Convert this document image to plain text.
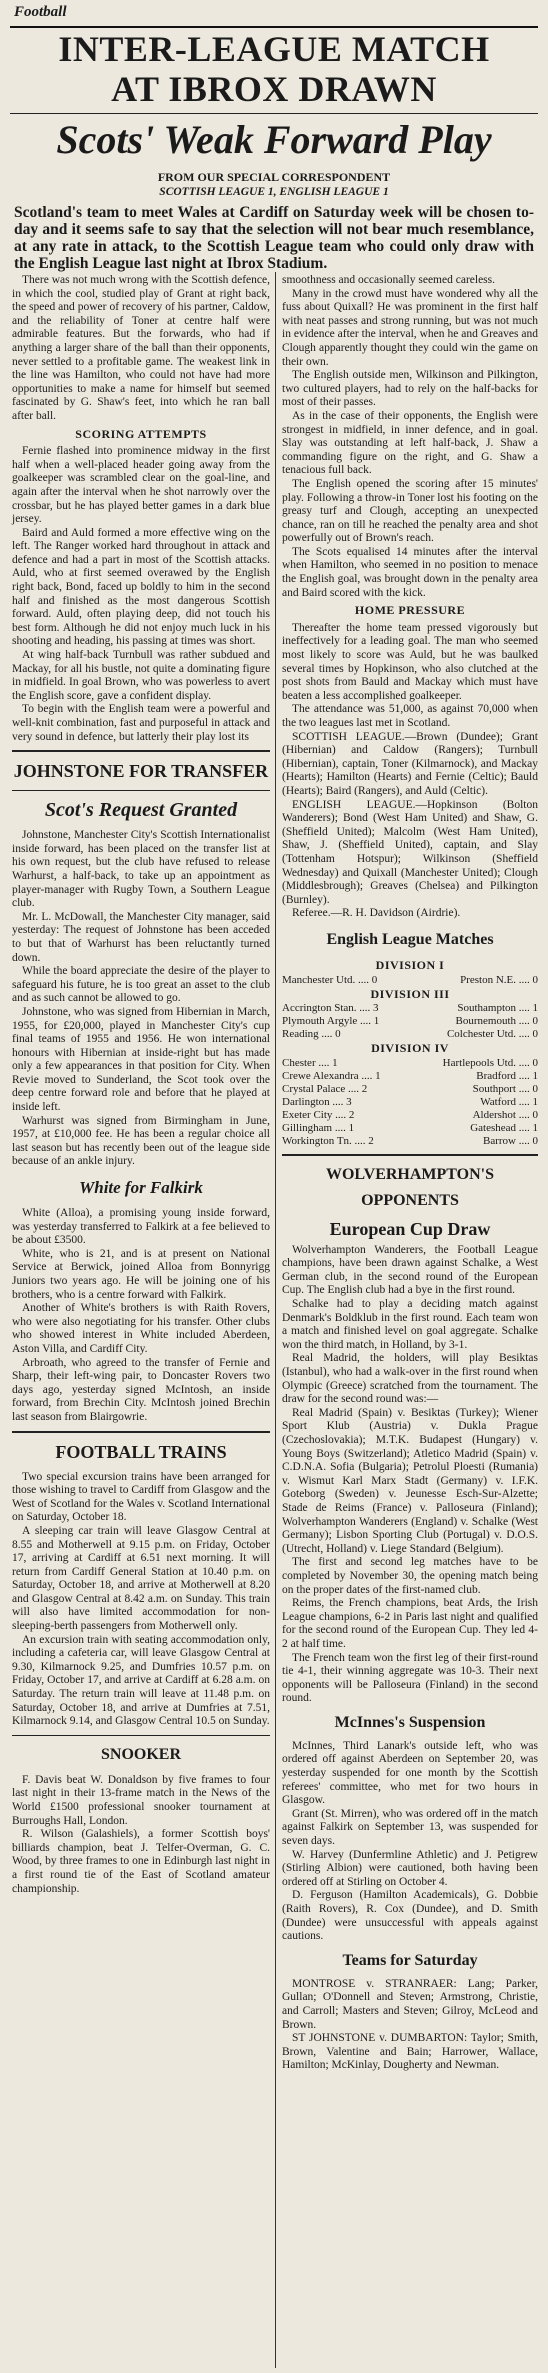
Football
INTER-LEAGUE MATCH
AT IBROX DRAWN
Scots' Weak Forward Play
FROM OUR SPECIAL CORRESPONDENT
SCOTTISH LEAGUE 1, ENGLISH LEAGUE 1
Scotland's team to meet Wales at Cardiff on Saturday week will be chosen to-day and it seems safe to say that the selection will not bear much resemblance, at any rate in attack, to the Scottish League team who could only draw with the English League last night at Ibrox Stadium.

There was not much wrong with the Scottish defence, in which the cool, studied play of Grant at right back, the speed and power of recovery of his partner, Caldow, and the reliability of Toner at centre half were admirable features. But the forwards, who had if anything a larger share of the ball than their opponents, never settled to a profitable game. The weakest link in the line was Hamilton, who could not have had more opportunities to make a name for himself but seemed fascinated by G. Shaw's feet, into which he ran ball after ball.

SCORING ATTEMPTS

Fernie flashed into prominence midway in the first half when a well-placed header going away from the goalkeeper was scrambled clear on the goal-line, and again after the interval when he shot narrowly over the crossbar, but he has played better games in a dark blue jersey.

Baird and Auld formed a more effective wing on the left. The Ranger worked hard throughout in attack and defence and had a part in most of the Scottish attacks. Auld, who at first seemed overawed by the English right back, Bond, faced up boldly to him in the second half and finished as the most dangerous Scottish forward. Auld, often playing deep, did not touch his best form. Although he did not enjoy much luck in his shooting and heading, his passing at times was short.

At wing half-back Turnbull was rather subdued and Mackay, for all his bustle, not quite a dominating figure in midfield. In goal Brown, who was powerless to avert the English score, gave a confident display.

To begin with the English team were a powerful and well-knit combination, fast and purposeful in attack and very sound in defence, but latterly their play lost its

JOHNSTONE FOR TRANSFER
Scot's Request Granted

Johnstone, Manchester City's Scottish Internationalist inside forward, has been placed on the transfer list at his own request, but the club have refused to release Warhurst, a half-back, to take up an appointment as player-manager with Rugby Town, a Southern League club.

Mr. L. McDowall, the Manchester City manager, said yesterday: The request of Johnstone has been acceded to but that of Warhurst has been reluctantly turned down.

While the board appreciate the desire of the player to safeguard his future, he is too great an asset to the club and as such cannot be allowed to go.

Johnstone, who was signed from Hibernian in March, 1955, for £20,000, played in Manchester City's cup final teams of 1955 and 1956. He won international honours with Hibernian at inside-right but has made only a few appearances in that position for City. When Revie moved to Sunderland, the Scot took over the deep centre forward role and before that he played at inside left.

Warhurst was signed from Birmingham in June, 1957, at £10,000 fee. He has been a regular choice all last season but has recently been out of the league side because of an ankle injury.

White for Falkirk

White (Alloa), a promising young inside forward, was yesterday transferred to Falkirk at a fee believed to be about £3500.

White, who is 21, and is at present on National Service at Berwick, joined Alloa from Bonnyrigg Juniors two years ago. He will be joining one of his brothers, who is a centre forward with Falkirk.

Another of White's brothers is with Raith Rovers, who were also negotiating for his transfer. Other clubs who showed interest in White included Aberdeen, Aston Villa, and Cardiff City.

Arbroath, who agreed to the transfer of Fernie and Sharp, their left-wing pair, to Doncaster Rovers two days ago, yesterday signed McIntosh, an inside forward, from Brechin City. McIntosh joined Brechin last season from Blairgowrie.

FOOTBALL TRAINS

Two special excursion trains have been arranged for those wishing to travel to Cardiff from Glasgow and the West of Scotland for the Wales v. Scotland International on Saturday, October 18.

A sleeping car train will leave Glasgow Central at 8.55 and Motherwell at 9.15 p.m. on Friday, October 17, arriving at Cardiff at 6.51 next morning. It will return from Cardiff General Station at 10.40 p.m. on Saturday, October 18, and arrive at Motherwell at 8.20 and Glasgow Central at 8.42 a.m. on Sunday. This train will also have limited accommodation for non-sleeping-berth passengers from Motherwell only.

An excursion train with seating accommodation only, including a cafeteria car, will leave Glasgow Central at 9.30, Kilmarnock 9.25, and Dumfries 10.57 p.m. on Friday, October 17, and arrive at Cardiff at 6.28 a.m. on Saturday. The return train will leave at 11.48 p.m. on Saturday, October 18, and arrive at Dumfries at 7.51, Kilmarnock 9.14, and Glasgow Central 10.5 on Sunday.

SNOOKER

F. Davis beat W. Donaldson by five frames to four last night in their 13-frame match in the News of the World £1500 professional snooker tournament at Burroughs Hall, London.

R. Wilson (Galashiels), a former Scottish boys' billiards champion, beat J. Telfer-Overman, G. C. Wood, by three frames to one in Edinburgh last night in a first round tie of the East of Scotland amateur championship.

smoothness and occasionally seemed careless.

Many in the crowd must have wondered why all the fuss about Quixall? He was prominent in the first half with neat passes and strong running, but was not much in evidence after the interval, when he and Greaves and Clough apparently thought they could win the game on their own.

The English outside men, Wilkinson and Pilkington, two cultured players, had to rely on the half-backs for most of their passes.

As in the case of their opponents, the English were strongest in midfield, in inner defence, and in goal. Slay was outstanding at left half-back, J. Shaw a commanding figure on the right, and G. Shaw a tenacious full back.

The English opened the scoring after 15 minutes' play. Following a throw-in Toner lost his footing on the greasy turf and Clough, accepting an unexpected chance, ran on till he reached the penalty area and shot powerfully out of Brown's reach.

The Scots equalised 14 minutes after the interval when Hamilton, who seemed in no position to menace the English goal, was brought down in the penalty area and Baird scored with the kick.

HOME PRESSURE

Thereafter the home team pressed vigorously but ineffectively for a leading goal. The man who seemed most likely to score was Auld, but he was baulked several times by Hopkinson, who also clutched at the post shots from Bauld and Mackay which must have beaten a less accomplished goalkeeper.

The attendance was 51,000, as against 70,000 when the two leagues last met in Scotland.

SCOTTISH LEAGUE.—Brown (Dundee); Grant (Hibernian) and Caldow (Rangers); Turnbull (Hibernian), captain, Toner (Kilmarnock), and Mackay (Hearts); Hamilton (Hearts) and Fernie (Celtic); Bauld (Hearts); Baird (Rangers), and Auld (Celtic).

ENGLISH LEAGUE.—Hopkinson (Bolton Wanderers); Bond (West Ham United) and Shaw, G. (Sheffield United); Malcolm (West Ham United), Shaw, J. (Sheffield United), captain, and Slay (Tottenham Hotspur); Wilkinson (Sheffield Wednesday) and Quixall (Manchester United); Clough (Middlesbrough); Greaves (Chelsea) and Pilkington (Burnley).

Referee.—R. H. Davidson (Airdrie).

English League Matches
DIVISION I
Manchester Utd. .... 0	Preston N.E. .... 0
DIVISION III
Accrington Stan. .... 3	Southampton .... 1
Plymouth Argyle .... 1	Bournemouth .... 0
Reading .... 0	Colchester Utd. .... 0
DIVISION IV
Chester .... 1	Hartlepools Utd. .... 0
Crewe Alexandra .... 1	Bradford .... 1
Crystal Palace .... 2	Southport .... 0
Darlington .... 3	Watford .... 1
Exeter City .... 2	Aldershot .... 0
Gillingham .... 1	Gateshead .... 1
Workington Tn. .... 2	Barrow .... 0
WOLVERHAMPTON'S OPPONENTS
European Cup Draw

Wolverhampton Wanderers, the Football League champions, have been drawn against Schalke, a West German club, in the second round of the European Cup. The English club had a bye in the first round.

Schalke had to play a deciding match against Denmark's Boldklub in the first round. Each team won a match and finished level on goal aggregate. Schalke won the third match, in Holland, by 3-1.

Real Madrid, the holders, will play Besiktas (Istanbul), who had a walk-over in the first round when Olympic (Greece) scratched from the tournament. The draw for the second round was:—

Real Madrid (Spain) v. Besiktas (Turkey); Wiener Sport Klub (Austria) v. Dukla Prague (Czechoslovakia); M.T.K. Budapest (Hungary) v. Young Boys (Switzerland); Atletico Madrid (Spain) v. C.D.N.A. Sofia (Bulgaria); Petrolul Ploesti (Rumania) v. Wismut Karl Marx Stadt (Germany) v. I.F.K. Goteborg (Sweden) v. Jeunesse Esch-Sur-Alzette; Stade de Reims (France) v. Palloseura (Finland); Wolverhampton Wanderers (England) v. Schalke (West Germany); Lisbon Sporting Club (Portugal) v. D.O.S. (Utrecht, Holland) v. Liege Standard (Belgium).

The first and second leg matches have to be completed by November 30, the opening match being on the proper dates of the first-named club.

Reims, the French champions, beat Ards, the Irish League champions, 6-2 in Paris last night and qualified for the second round of the European Cup. They led 4-2 at half time.

The French team won the first leg of their first-round tie 4-1, their winning aggregate was 10-3. Their next opponents will be Palloseura (Finland) in the second round.

McInnes's Suspension

McInnes, Third Lanark's outside left, who was ordered off against Aberdeen on September 20, was yesterday suspended for one month by the Scottish referees' committee, who met for two hours in Glasgow.

Grant (St. Mirren), who was ordered off in the match against Falkirk on September 13, was suspended for seven days.

W. Harvey (Dunfermline Athletic) and J. Petigrew (Stirling Albion) were cautioned, both having been ordered off at Stirling on October 4.

D. Ferguson (Hamilton Academicals), G. Dobbie (Raith Rovers), R. Cox (Dundee), and D. Smith (Dundee) were unsuccessful with appeals against cautions.

Teams for Saturday

MONTROSE v. STRANRAER: Lang; Parker, Gullan; O'Donnell and Steven; Armstrong, Christie, and Carroll; Masters and Steven; Gilroy, McLeod and Brown.

ST JOHNSTONE v. DUMBARTON: Taylor; Smith, Brown, Valentine and Bain; Harrower, Wallace, Hamilton; McKinlay, Dougherty and Newman.
